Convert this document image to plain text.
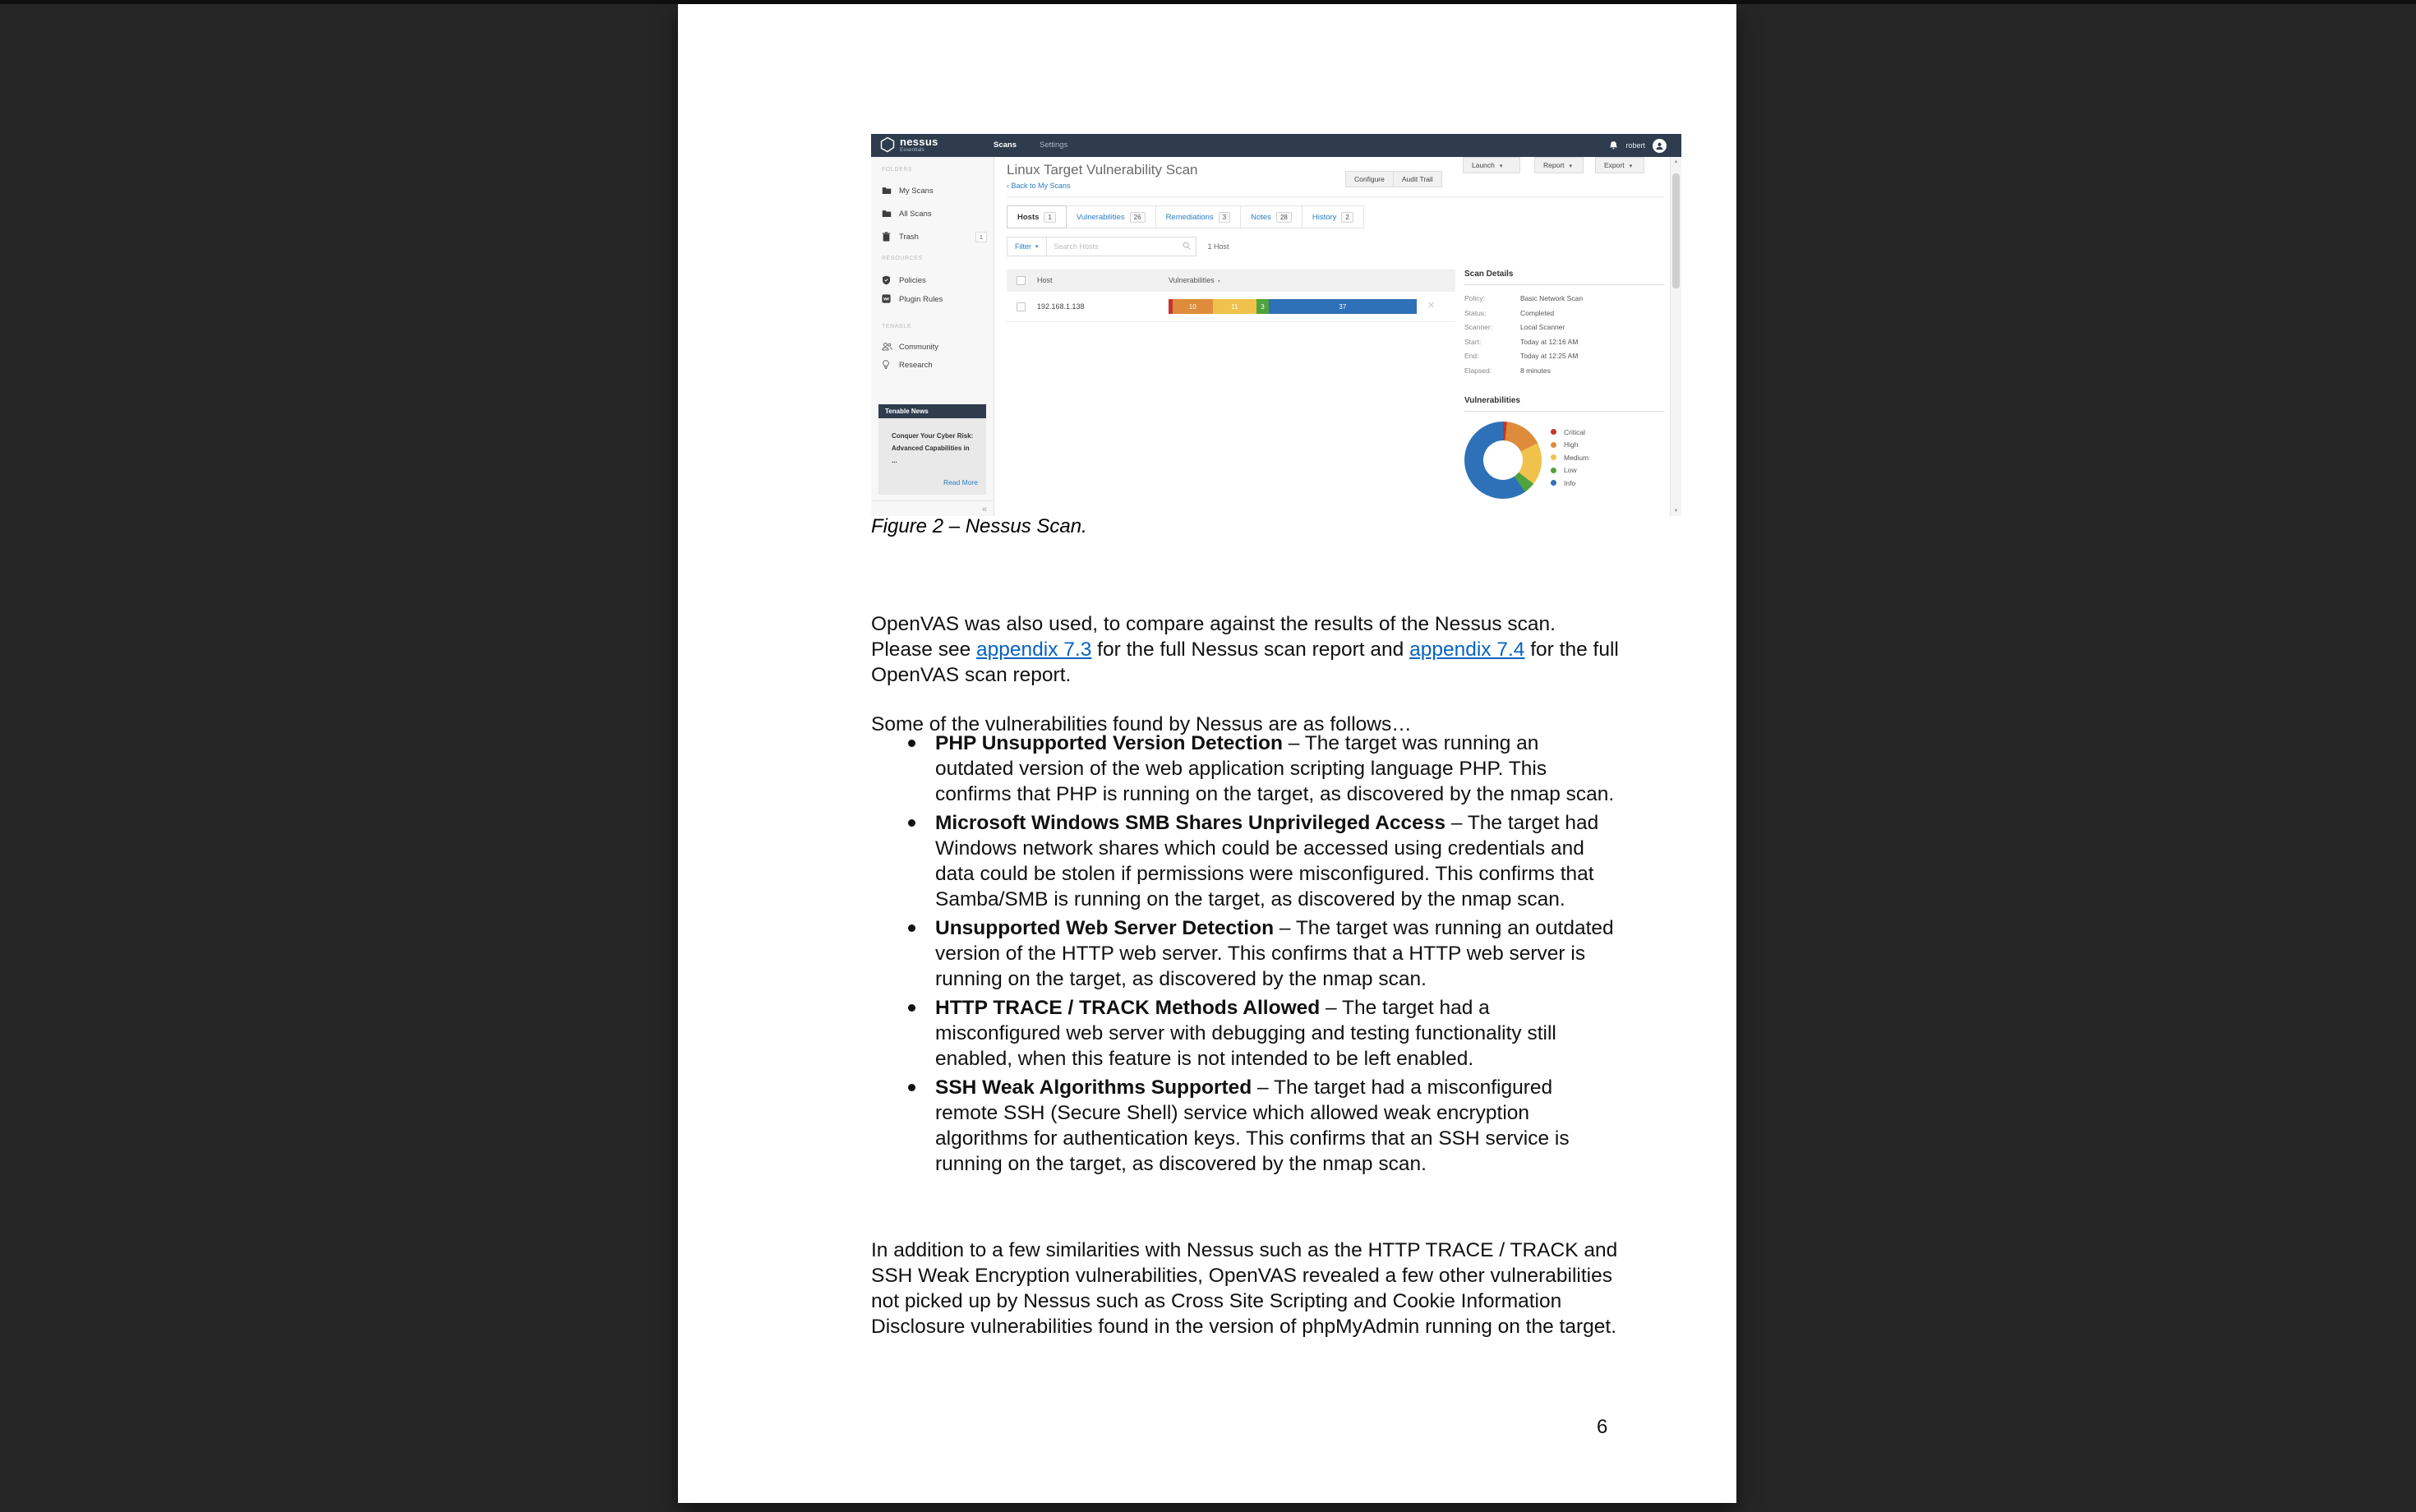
nessus
Essentials
Scans	Settings	robert
FOLDERS
My Scans
All Scans
Trash	1
RESOURCES
Policies
Plugin Rules
TENABLE
Community
Research
Tenable News
Conquer Your Cyber Risk: Advanced Capabilities in ...
Read More
«
Linux Target Vulnerability Scan
‹ Back to My Scans
Configure	Audit Trail
Launch ▾	Report ▾	Export ▾
Hosts	1	Vulnerabilities	26	Remediations	3	Notes	28	History	2
Filter ▾
Search Hosts	1 Host
Host	Vulnerabilities ▾
192.168.1.138	10	11	3	37	✕
Scan Details
Policy:	Basic Network Scan
Status:	Completed
Scanner:	Local Scanner
Start:	Today at 12:16 AM
End:	Today at 12:25 AM
Elapsed:	8 minutes
Vulnerabilities
Critical
High
Medium
Low
Info
▲
▼
Figure 2 – Nessus Scan.

OpenVAS was also used, to compare against the results of the Nessus scan. Please see appendix 7.3 for the full Nessus scan report and appendix 7.4 for the full OpenVAS scan report.

Some of the vulnerabilities found by Nessus are as follows…

PHP Unsupported Version Detection – The target was running an outdated version of the web application scripting language PHP. This confirms that PHP is running on the target, as discovered by the nmap scan.
Microsoft Windows SMB Shares Unprivileged Access – The target had Windows network shares which could be accessed using credentials and data could be stolen if permissions were misconfigured. This confirms that Samba/SMB is running on the target, as discovered by the nmap scan.
Unsupported Web Server Detection – The target was running an outdated version of the HTTP web server. This confirms that a HTTP web server is running on the target, as discovered by the nmap scan.
HTTP TRACE / TRACK Methods Allowed – The target had a misconfigured web server with debugging and testing functionality still enabled, when this feature is not intended to be left enabled.
SSH Weak Algorithms Supported – The target had a misconfigured remote SSH (Secure Shell) service which allowed weak encryption algorithms for authentication keys. This confirms that an SSH service is running on the target, as discovered by the nmap scan.

In addition to a few similarities with Nessus such as the HTTP TRACE / TRACK and SSH Weak Encryption vulnerabilities, OpenVAS revealed a few other vulnerabilities not picked up by Nessus such as Cross Site Scripting and Cookie Information Disclosure vulnerabilities found in the version of phpMyAdmin running on the target.

6
